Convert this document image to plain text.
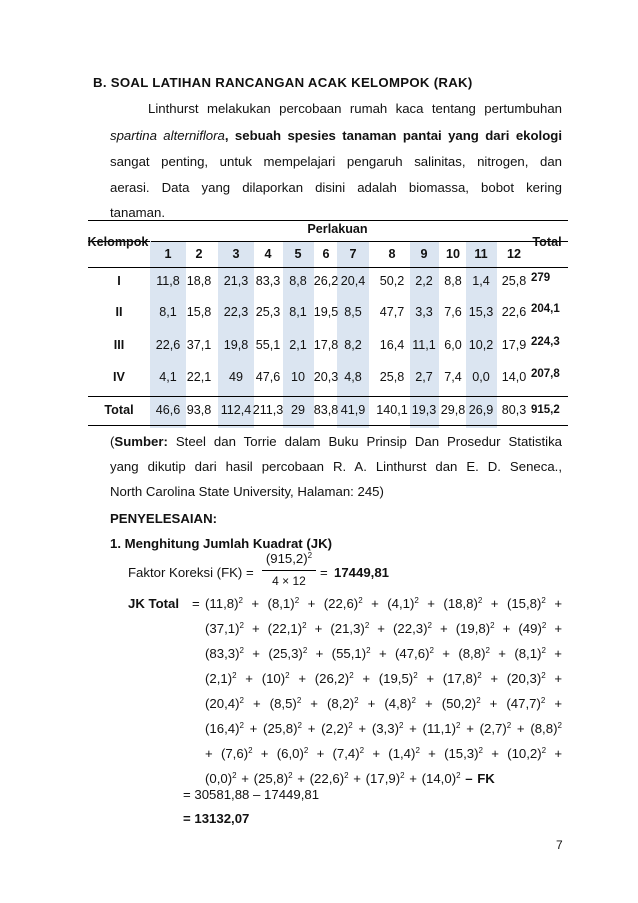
B. SOAL LATIHAN RANCANGAN ACAK KELOMPOK (RAK)
Linthurst melakukan percobaan rumah kaca tentang pertumbuhan
spartina alterniflora, sebuah spesies tanaman pantai yang dari ekologi
sangat penting, untuk mempelajari pengaruh salinitas, nitrogen, dan
aerasi. Data yang dilaporkan disini adalah biomassa, bobot kering
tanaman.
Kelompok
Perlakuan
Total
1	2	3	4	5	6	7	8	9	10	11	12
I	11,8 18,8 21,3 83,3 8,8 26,2 20,4	50,2 2,2 8,8 1,4 25,8 279
II	8,1 15,8 22,3 25,3 8,1 19,5 8,5	47,7 3,3 7,6 15,3 22,6 204,1
III	22,6 37,1 19,8 55,1 2,1 17,8 8,2	16,4 11,1 6,0 10,2 17,9 224,3
IV	4,1 22,1	49	47,6 10 20,3 4,8	25,8 2,7 7,4 0,0 14,0 207,8
Total	46,6 93,8 112,4 211,3 29 83,8 41,9 140,1 19,3 29,8 26,9 80,3 915,2
(Sumber: Steel dan Torrie dalam Buku Prinsip Dan Prosedur Statistika
yang dikutip dari hasil percobaan R. A. Linthurst dan E. D. Seneca.,
North Carolina State University, Halaman: 245)
PENYELESAIAN:
1. Menghitung Jumlah Kuadrat (JK)
Faktor Koreksi (FK) =
$(915,2)^2$
4 × 12
= 17449,81
JK Total = $(11,8)^2 + (8,1)^2 + (22,6)^2 + (4,1)^2 + (18,8)^2 + (15,8)^2$ +
$(37,1)^2 + (22,1)^2 + (21,3)^2 + (22,3)^2 + (19,8)^2 + (49)^2$ +
$(83,3)^2 + (25,3)^2 + (55,1)^2 + (47,6)^2 + (8,8)^2 + (8,1)^2$ +
$(2,1)^2 + (10)^2 + (26,2)^2 + (19,5)^2 + (17,8)^2 + (20,3)^2$ +
$(20,4)^2 + (8,5)^2 + (8,2)^2 + (4,8)^2 + (50,2)^2 + (47,7)^2$ +
$(16,4)^2 + (25,8)^2 + (2,2)^2 + (3,3)^2 + (11,1)^2 + (2,7)^2 + (8,8)^2$
+ $(7,6)^2 + (6,0)^2 + (7,4)^2 + (1,4)^2 + (15,3)^2 + (10,2)^2$ +
$(0,0)^2 + (25,8)^2 + (22,6)^2 + (17,9)^2 + (14,0)^2$ – FK
= 30581,88 – 17449,81
= 13132,07
7
